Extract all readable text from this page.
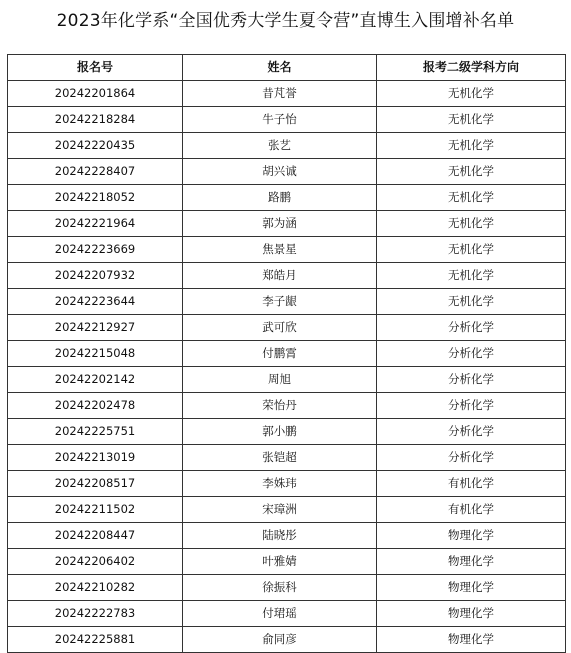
2023年化学系“全国优秀大学生夏令营”直博生入围增补名单
报名号	姓名	报考二级学科方向
20242201864	昔芃誉	无机化学
20242218284	牛子怡	无机化学
20242220435	张艺	无机化学
20242228407	胡兴诚	无机化学
20242218052	路鹏	无机化学
20242221964	郭为涵	无机化学
20242223669	焦景星	无机化学
20242207932	郑皓月	无机化学
20242223644	李子龈	无机化学
20242212927	武可欣	分析化学
20242215048	付鹏霄	分析化学
20242202142	周旭	分析化学
20242202478	荣怡丹	分析化学
20242225751	郭小鹏	分析化学
20242213019	张铠超	分析化学
20242208517	李姝玮	有机化学
20242211502	宋璋洲	有机化学
20242208447	陆晓彤	物理化学
20242206402	叶雅婧	物理化学
20242210282	徐振科	物理化学
20242222783	付珺瑶	物理化学
20242225881	俞同彦	物理化学
